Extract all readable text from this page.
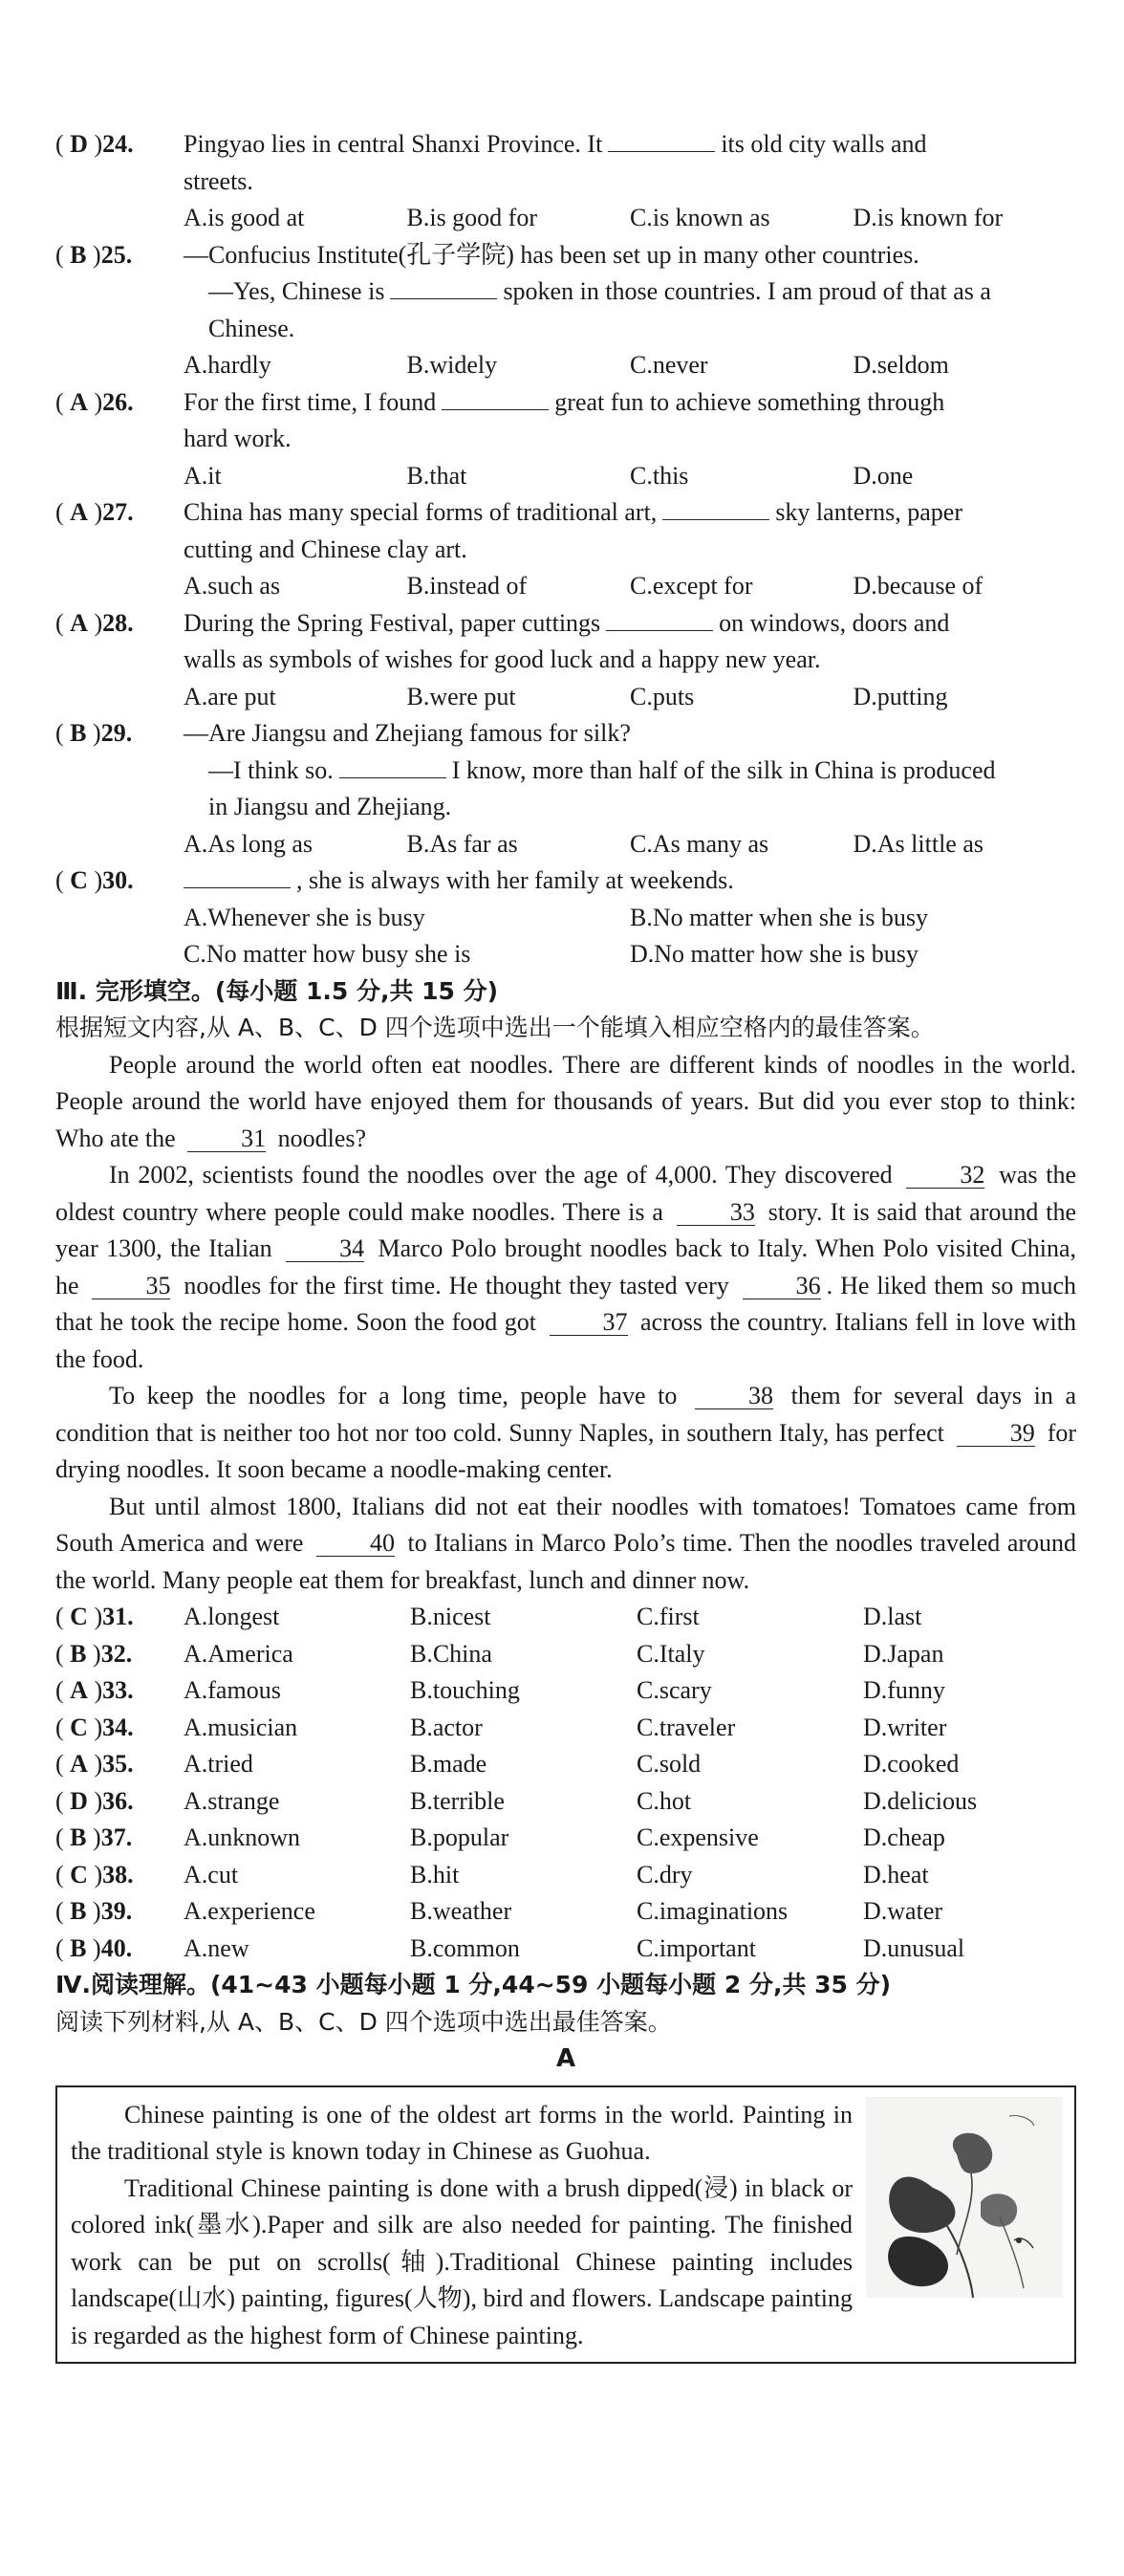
( D )24.	Pingyao lies in central Shanxi Province. It	its old city walls and
streets.
A.is good at	B.is good for	C.is known as	D.is known for
( B )25.	—Confucius Institute(孔子学院) has been set up in many other countries.
—Yes, Chinese is	spoken in those countries. I am proud of that as a
Chinese.
A.hardly	B.widely	C.never	D.seldom
( A )26.	For the first time, I found	great fun to achieve something through
hard work.
A.it	B.that	C.this	D.one
( A )27.	China has many special forms of traditional art,	sky lanterns, paper
cutting and Chinese clay art.
A.such as	B.instead of	C.except for	D.because of
( A )28.	During the Spring Festival, paper cuttings	on windows, doors and
walls as symbols of wishes for good luck and a happy new year.
A.are put	B.were put	C.puts	D.putting
( B )29.	—Are Jiangsu and Zhejiang famous for silk?
—I think so.	I know, more than half of the silk in China is produced
in Jiangsu and Zhejiang.
A.As long as	B.As far as	C.As many as	D.As little as
( C )30.	, she is always with her family at weekends.
A.Whenever she is busy	B.No matter when she is busy
C.No matter how busy she is	D.No matter how she is busy
Ⅲ. 完形填空。(每小题 1.5 分,共 15 分)
根据短文内容,从 A、B、C、D 四个选项中选出一个能填入相应空格内的最佳答案。

People around the world often eat noodles. There are different kinds of noodles in the world. People around the world have enjoyed them for thousands of years. But did you ever stop to think: Who ate the	31 noodles?

In 2002, scientists found the noodles over the age of 4,000. They discovered	32 was the oldest country where people could make noodles. There is a	33 story. It is said that around the year 1300, the Italian	34 Marco Polo brought noodles back to Italy. When Polo visited China, he	35 noodles for the first time. He thought they tasted very	36 . He liked them so much that he took the recipe home. Soon the food got	37 across the country. Italians fell in love with the food.

To keep the noodles for a long time, people have to	38 them for several days in a condition that is neither too hot nor too cold. Sunny Naples, in southern Italy, has perfect	39 for drying noodles. It soon became a noodle-making center.

But until almost 1800, Italians did not eat their noodles with tomatoes! Tomatoes came from South America and were	40 to Italians in Marco Polo’s time. Then the noodles traveled around the world. Many people eat them for breakfast, lunch and dinner now.

( C )31.	A.longest	B.nicest	C.first	D.last
( B )32.	A.America	B.China	C.Italy	D.Japan
( A )33.	A.famous	B.touching	C.scary	D.funny
( C )34.	A.musician	B.actor	C.traveler	D.writer
( A )35.	A.tried	B.made	C.sold	D.cooked
( D )36.	A.strange	B.terrible	C.hot	D.delicious
( B )37.	A.unknown	B.popular	C.expensive	D.cheap
( C )38.	A.cut	B.hit	C.dry	D.heat
( B )39.	A.experience	B.weather	C.imaginations	D.water
( B )40.	A.new	B.common	C.important	D.unusual
Ⅳ.阅读理解。(41~43 小题每小题 1 分,44~59 小题每小题 2 分,共 35 分)
阅读下列材料,从 A、B、C、D 四个选项中选出最佳答案。
A

Chinese painting is one of the oldest art forms in the world. Painting in the traditional style is known today in Chinese as Guohua.

Traditional Chinese painting is done with a brush dipped(浸) in black or colored ink(墨水).Paper and silk are also needed for painting. The finished work can be put on scrolls(轴).Traditional Chinese painting includes landscape(山水) painting, figures(人物), bird and flowers. Landscape painting is regarded as the highest form of Chinese painting.
